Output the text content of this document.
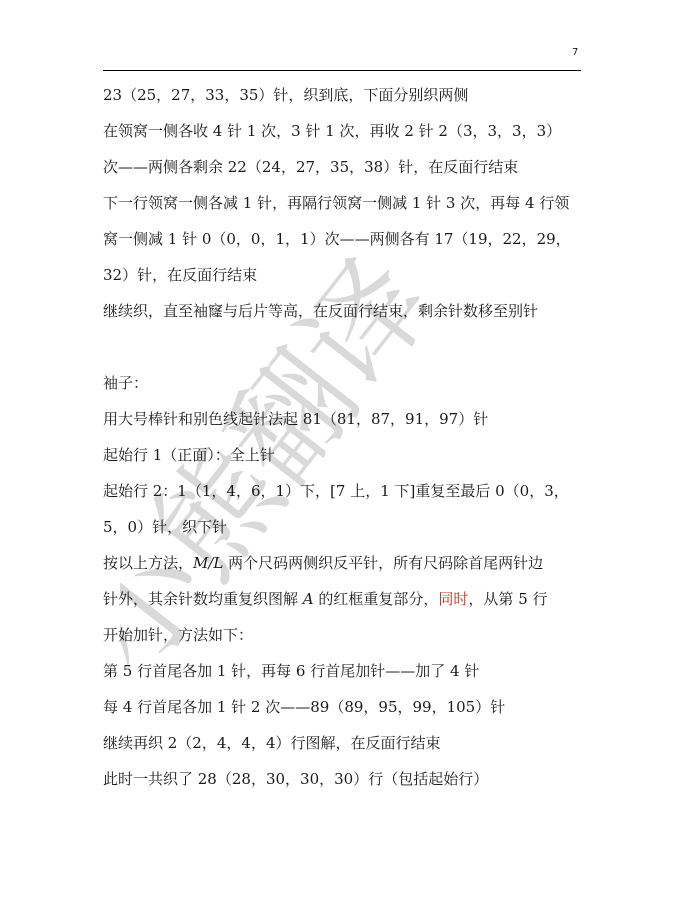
7
小熊翻译
23（25，27，33，35）针，织到底，下面分别织两侧
在领窝一侧各收 4 针 1 次，3 针 1 次，再收 2 针 2（3，3，3，3）
次——两侧各剩余 22（24，27，35，38）针，在反面行结束
下一行领窝一侧各减 1 针，再隔行领窝一侧减 1 针 3 次，再每 4 行领
窝一侧减 1 针 0（0，0，1，1）次——两侧各有 17（19，22，29，
32）针，在反面行结束
继续织，直至袖窿与后片等高，在反面行结束，剩余针数移至别针
袖子：
用大号棒针和别色线起针法起 81（81，87，91，97）针
起始行 1（正面）：全上针
起始行 2：1（1，4，6，1）下，[7 上，1 下]重复至最后 0（0，3，
5，0）针，织下针
按以上方法，M/L 两个尺码两侧织反平针，所有尺码除首尾两针边
针外，其余针数均重复织图解 A 的红框重复部分，同时，从第 5 行
开始加针，方法如下：
第 5 行首尾各加 1 针，再每 6 行首尾加针——加了 4 针
每 4 行首尾各加 1 针 2 次——89（89，95，99，105）针
继续再织 2（2，4，4，4）行图解，在反面行结束
此时一共织了 28（28，30，30，30）行（包括起始行）
